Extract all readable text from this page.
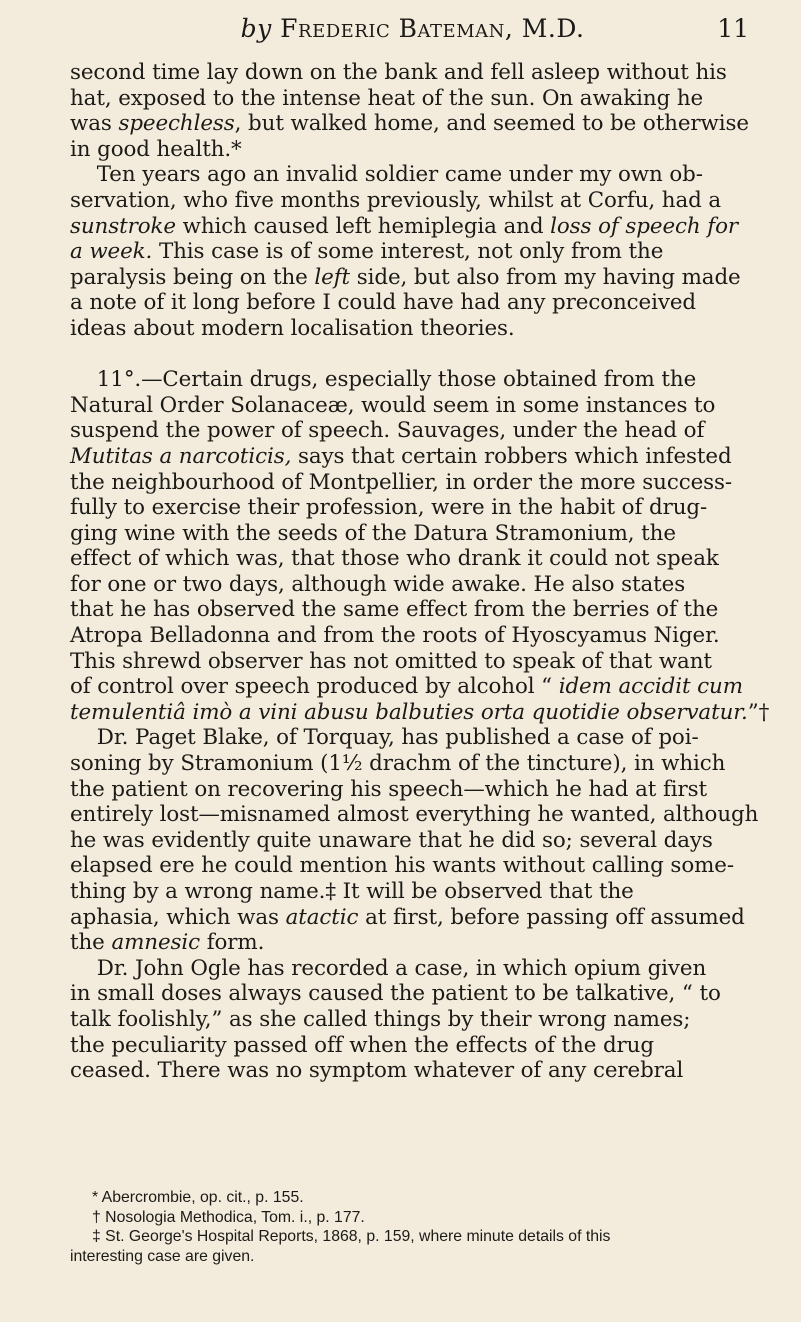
by Frederic Bateman, M.D.	11
second time lay down on the bank and fell asleep without his
hat, exposed to the intense heat of the sun. On awaking he
was speechless, but walked home, and seemed to be otherwise
in good health.*
Ten years ago an invalid soldier came under my own ob-
servation, who five months previously, whilst at Corfu, had a
sunstroke which caused left hemiplegia and loss of speech for
a week. This case is of some interest, not only from the
paralysis being on the left side, but also from my having made
a note of it long before I could have had any preconceived
ideas about modern localisation theories.
11°.—Certain drugs, especially those obtained from the
Natural Order Solanaceæ, would seem in some instances to
suspend the power of speech. Sauvages, under the head of
Mutitas a narcoticis, says that certain robbers which infested
the neighbourhood of Montpellier, in order the more success-
fully to exercise their profession, were in the habit of drug-
ging wine with the seeds of the Datura Stramonium, the
effect of which was, that those who drank it could not speak
for one or two days, although wide awake. He also states
that he has observed the same effect from the berries of the
Atropa Belladonna and from the roots of Hyoscyamus Niger.
This shrewd observer has not omitted to speak of that want
of control over speech produced by alcohol “ idem accidit cum
temulentiâ imò a vini abusu balbuties orta quotidie observatur.”†
Dr. Paget Blake, of Torquay, has published a case of poi-
soning by Stramonium (1½ drachm of the tincture), in which
the patient on recovering his speech—which he had at first
entirely lost—misnamed almost everything he wanted, although
he was evidently quite unaware that he did so; several days
elapsed ere he could mention his wants without calling some-
thing by a wrong name.‡ It will be observed that the
aphasia, which was atactic at first, before passing off assumed
the amnesic form.
Dr. John Ogle has recorded a case, in which opium given
in small doses always caused the patient to be talkative, “ to
talk foolishly,” as she called things by their wrong names;
the peculiarity passed off when the effects of the drug
ceased. There was no symptom whatever of any cerebral
* Abercrombie, op. cit., p. 155.
† Nosologia Methodica, Tom. i., p. 177.
‡ St. George's Hospital Reports, 1868, p. 159, where minute details of this
interesting case are given.
